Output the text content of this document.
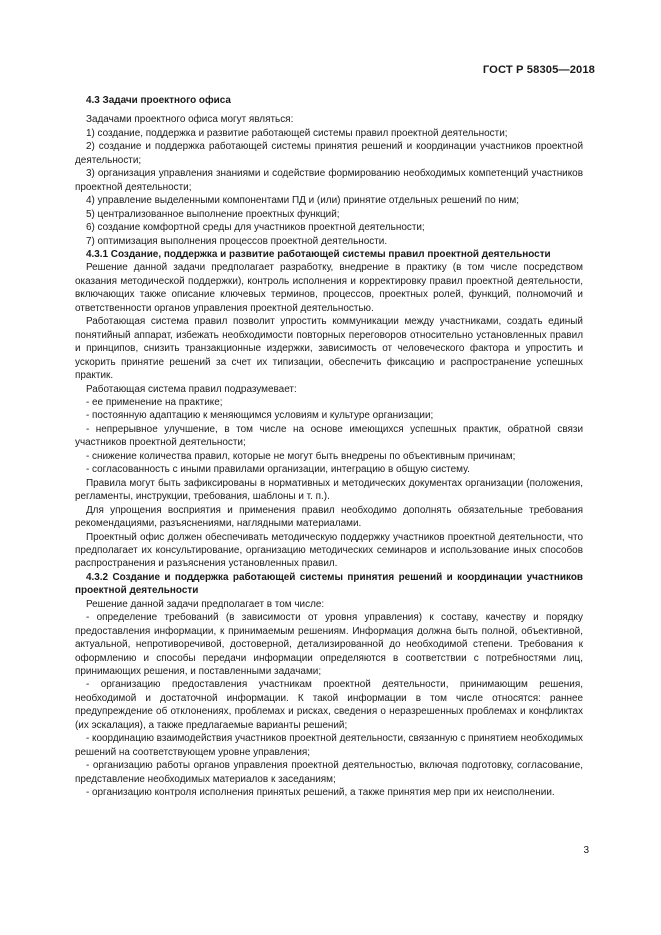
ГОСТ Р 58305—2018
4.3 Задачи проектного офиса

Задачами проектного офиса могут являться:

1) создание, поддержка и развитие работающей системы правил проектной деятельности;

2) создание и поддержка работающей системы принятия решений и координации участников проектной деятельности;

3) организация управления знаниями и содействие формированию необходимых компетенций участников проектной деятельности;

4) управление выделенными компонентами ПД и (или) принятие отдельных решений по ним;

5) централизованное выполнение проектных функций;

6) создание комфортной среды для участников проектной деятельности;

7) оптимизация выполнения процессов проектной деятельности.

4.3.1 Создание, поддержка и развитие работающей системы правил проектной деятельности

Решение данной задачи предполагает разработку, внедрение в практику (в том числе посредством оказания методической поддержки), контроль исполнения и корректировку правил проектной деятельности, включающих также описание ключевых терминов, процессов, проектных ролей, функций, полномочий и ответственности органов управления проектной деятельностью.

Работающая система правил позволит упростить коммуникации между участниками, создать единый понятийный аппарат, избежать необходимости повторных переговоров относительно установленных правил и принципов, снизить транзакционные издержки, зависимость от человеческого фактора и упростить и ускорить принятие решений за счет их типизации, обеспечить фиксацию и распространение успешных практик.

Работающая система правил подразумевает:

- ее применение на практике;

- постоянную адаптацию к меняющимся условиям и культуре организации;

- непрерывное улучшение, в том числе на основе имеющихся успешных практик, обратной связи участников проектной деятельности;

- снижение количества правил, которые не могут быть внедрены по объективным причинам;

- согласованность с иными правилами организации, интеграцию в общую систему.

Правила могут быть зафиксированы в нормативных и методических документах организации (положения, регламенты, инструкции, требования, шаблоны и т. п.).

Для упрощения восприятия и применения правил необходимо дополнять обязательные требования рекомендациями, разъяснениями, наглядными материалами.

Проектный офис должен обеспечивать методическую поддержку участников проектной деятельности, что предполагает их консультирование, организацию методических семинаров и использование иных способов распространения и разъяснения установленных правил.

4.3.2 Создание и поддержка работающей системы принятия решений и координации участников проектной деятельности

Решение данной задачи предполагает в том числе:

- определение требований (в зависимости от уровня управления) к составу, качеству и порядку предоставления информации, к принимаемым решениям. Информация должна быть полной, объективной, актуальной, непротиворечивой, достоверной, детализированной до необходимой степени. Требования к оформлению и способы передачи информации определяются в соответствии с потребностями лиц, принимающих решения, и поставленными задачами;

- организацию предоставления участникам проектной деятельности, принимающим решения, необходимой и достаточной информации. К такой информации в том числе относятся: раннее предупреждение об отклонениях, проблемах и рисках, сведения о неразрешенных проблемах и конфликтах (их эскалация), а также предлагаемые варианты решений;

- координацию взаимодействия участников проектной деятельности, связанную с принятием необходимых решений на соответствующем уровне управления;

- организацию работы органов управления проектной деятельностью, включая подготовку, согласование, представление необходимых материалов к заседаниям;

- организацию контроля исполнения принятых решений, а также принятия мер при их неисполнении.

3
